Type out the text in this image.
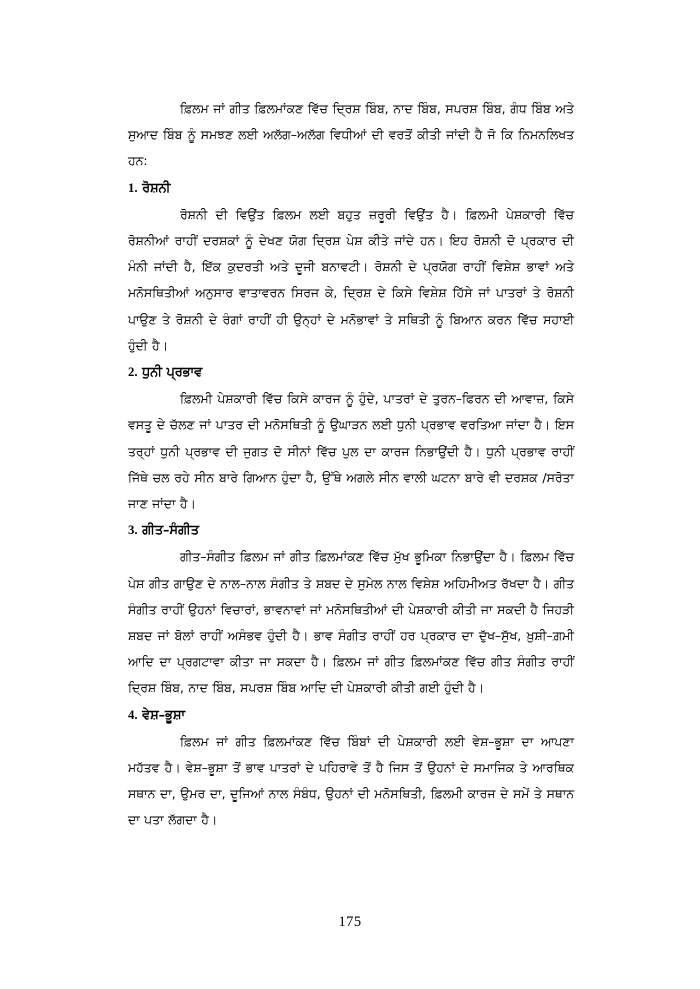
ਫ਼ਿਲਮ ਜਾਂ ਗੀਤ ਫ਼ਿਲਮਾਂਕਣ ਵਿੱਚ ਦ੍ਰਿਸ਼ ਬਿੰਬ, ਨਾਦ ਬਿੰਬ, ਸਪਰਸ਼ ਬਿੰਬ, ਗੰਧ ਬਿੰਬ ਅਤੇ ਸੁਆਦ ਬਿੰਬ ਨੂੰ ਸਮਝਣ ਲਈ ਅਲੱਗ–ਅਲੱਗ ਵਿਧੀਆਂ ਦੀ ਵਰਤੋਂ ਕੀਤੀ ਜਾਂਦੀ ਹੈ ਜੋ ਕਿ ਨਿਮਨਲਿਖਤ ਹਨ:

1. ਰੋਸ਼ਨੀ

ਰੋਸ਼ਨੀ ਦੀ ਵਿਉਂਤ ਫ਼ਿਲਮ ਲਈ ਬਹੁਤ ਜ਼ਰੂਰੀ ਵਿਉਂਤ ਹੈ। ਫ਼ਿਲਮੀ ਪੇਸ਼ਕਾਰੀ ਵਿੱਚ ਰੋਸ਼ਨੀਆਂ ਰਾਹੀਂ ਦਰਸ਼ਕਾਂ ਨੂੰ ਦੇਖਣ ਯੋਗ ਦ੍ਰਿਸ਼ ਪੇਸ਼ ਕੀਤੇ ਜਾਂਦੇ ਹਨ। ਇਹ ਰੋਸ਼ਨੀ ਦੋ ਪ੍ਰਕਾਰ ਦੀ ਮੰਨੀ ਜਾਂਦੀ ਹੈ, ਇੱਕ ਕੁਦਰਤੀ ਅਤੇ ਦੂਜੀ ਬਨਾਵਟੀ। ਰੋਸ਼ਨੀ ਦੇ ਪ੍ਰਯੋਗ ਰਾਹੀਂ ਵਿਸ਼ੇਸ਼ ਭਾਵਾਂ ਅਤੇ ਮਨੋਸਥਿਤੀਆਂ ਅਨੁਸਾਰ ਵਾਤਾਵਰਨ ਸਿਰਜ ਕੇ, ਦ੍ਰਿਸ਼ ਦੇ ਕਿਸੇ ਵਿਸ਼ੇਸ਼ ਹਿੱਸੇ ਜਾਂ ਪਾਤਰਾਂ ਤੇ ਰੋਸ਼ਨੀ ਪਾਉਣ ਤੇ ਰੋਸ਼ਨੀ ਦੇ ਰੰਗਾਂ ਰਾਹੀਂ ਹੀ ਉਨ੍ਹਾਂ ਦੇ ਮਨੋਭਾਵਾਂ ਤੇ ਸਥਿਤੀ ਨੂੰ ਬਿਆਨ ਕਰਨ ਵਿੱਚ ਸਹਾਈ ਹੁੰਦੀ ਹੈ।

2. ਧੁਨੀ ਪ੍ਰਭਾਵ

ਫ਼ਿਲਮੀ ਪੇਸ਼ਕਾਰੀ ਵਿੱਚ ਕਿਸੇ ਕਾਰਜ ਨੂੰ ਹੁੰਦੇ, ਪਾਤਰਾਂ ਦੇ ਤੁਰਨ–ਫਿਰਨ ਦੀ ਆਵਾਜ਼, ਕਿਸੇ ਵਸਤੂ ਦੇ ਚੱਲਣ ਜਾਂ ਪਾਤਰ ਦੀ ਮਨੋਸਥਿਤੀ ਨੂੰ ਉਘਾੜਨ ਲਈ ਧੁਨੀ ਪ੍ਰਭਾਵ ਵਰਤਿਆ ਜਾਂਦਾ ਹੈ। ਇਸ ਤਰ੍ਹਾਂ ਧੁਨੀ ਪ੍ਰਭਾਵ ਦੀ ਜੁਗਤ ਦੋ ਸੀਨਾਂ ਵਿੱਚ ਪੁਲ ਦਾ ਕਾਰਜ ਨਿਭਾਉਂਦੀ ਹੈ। ਧੁਨੀ ਪ੍ਰਭਾਵ ਰਾਹੀਂ ਜਿੱਥੇ ਚਲ ਰਹੇ ਸੀਨ ਬਾਰੇ ਗਿਆਨ ਹੁੰਦਾ ਹੈ, ਉੱਥੇ ਅਗਲੇ ਸੀਨ ਵਾਲੀ ਘਟਨਾ ਬਾਰੇ ਵੀ ਦਰਸ਼ਕ /ਸਰੋਤਾ ਜਾਣ ਜਾਂਦਾ ਹੈ।

3. ਗੀਤ–ਸੰਗੀਤ

ਗੀਤ–ਸੰਗੀਤ ਫ਼ਿਲਮ ਜਾਂ ਗੀਤ ਫ਼ਿਲਮਾਂਕਣ ਵਿੱਚ ਮੁੱਖ ਭੂਮਿਕਾ ਨਿਭਾਉਂਦਾ ਹੈ। ਫ਼ਿਲਮ ਵਿੱਚ ਪੇਸ਼ ਗੀਤ ਗਾਉਣ ਦੇ ਨਾਲ–ਨਾਲ ਸੰਗੀਤ ਤੇ ਸ਼ਬਦ ਦੇ ਸੁਮੇਲ ਨਾਲ ਵਿਸ਼ੇਸ਼ ਅਹਿਮੀਅਤ ਰੱਖਦਾ ਹੈ। ਗੀਤ ਸੰਗੀਤ ਰਾਹੀਂ ਉਹਨਾਂ ਵਿਚਾਰਾਂ, ਭਾਵਨਾਵਾਂ ਜਾਂ ਮਨੋਸਥਿਤੀਆਂ ਦੀ ਪੇਸ਼ਕਾਰੀ ਕੀਤੀ ਜਾ ਸਕਦੀ ਹੈ ਜਿਹੜੀ ਸ਼ਬਦ ਜਾਂ ਬੋਲਾਂ ਰਾਹੀਂ ਅਸੰਭਵ ਹੁੰਦੀ ਹੈ। ਭਾਵ ਸੰਗੀਤ ਰਾਹੀਂ ਹਰ ਪ੍ਰਕਾਰ ਦਾ ਦੁੱਖ–ਸੁੱਖ, ਖ਼ੁਸ਼ੀ–ਗ਼ਮੀ ਆਦਿ ਦਾ ਪ੍ਰਗਟਾਵਾ ਕੀਤਾ ਜਾ ਸਕਦਾ ਹੈ। ਫ਼ਿਲਮ ਜਾਂ ਗੀਤ ਫ਼ਿਲਮਾਂਕਣ ਵਿੱਚ ਗੀਤ ਸੰਗੀਤ ਰਾਹੀਂ ਦ੍ਰਿਸ਼ ਬਿੰਬ, ਨਾਦ ਬਿੰਬ, ਸਪਰਸ਼ ਬਿੰਬ ਆਦਿ ਦੀ ਪੇਸ਼ਕਾਰੀ ਕੀਤੀ ਗਈ ਹੁੰਦੀ ਹੈ।

4. ਵੇਸ਼–ਭੂਸ਼ਾ

ਫ਼ਿਲਮ ਜਾਂ ਗੀਤ ਫ਼ਿਲਮਾਂਕਣ ਵਿੱਚ ਬਿੰਬਾਂ ਦੀ ਪੇਸ਼ਕਾਰੀ ਲਈ ਵੇਸ਼–ਭੂਸ਼ਾ ਦਾ ਆਪਣਾ ਮਹੱਤਵ ਹੈ। ਵੇਸ਼–ਭੂਸ਼ਾ ਤੋਂ ਭਾਵ ਪਾਤਰਾਂ ਦੇ ਪਹਿਰਾਵੇ ਤੋਂ ਹੈ ਜਿਸ ਤੋਂ ਉਹਨਾਂ ਦੇ ਸਮਾਜਿਕ ਤੇ ਆਰਥਿਕ ਸਥਾਨ ਦਾ, ਉਮਰ ਦਾ, ਦੂਜਿਆਂ ਨਾਲ ਸੰਬੰਧ, ਉਹਨਾਂ ਦੀ ਮਨੋਸਥਿਤੀ, ਫ਼ਿਲਮੀ ਕਾਰਜ ਦੇ ਸਮੇਂ ਤੇ ਸਥਾਨ ਦਾ ਪਤਾ ਲੱਗਦਾ ਹੈ।

175
